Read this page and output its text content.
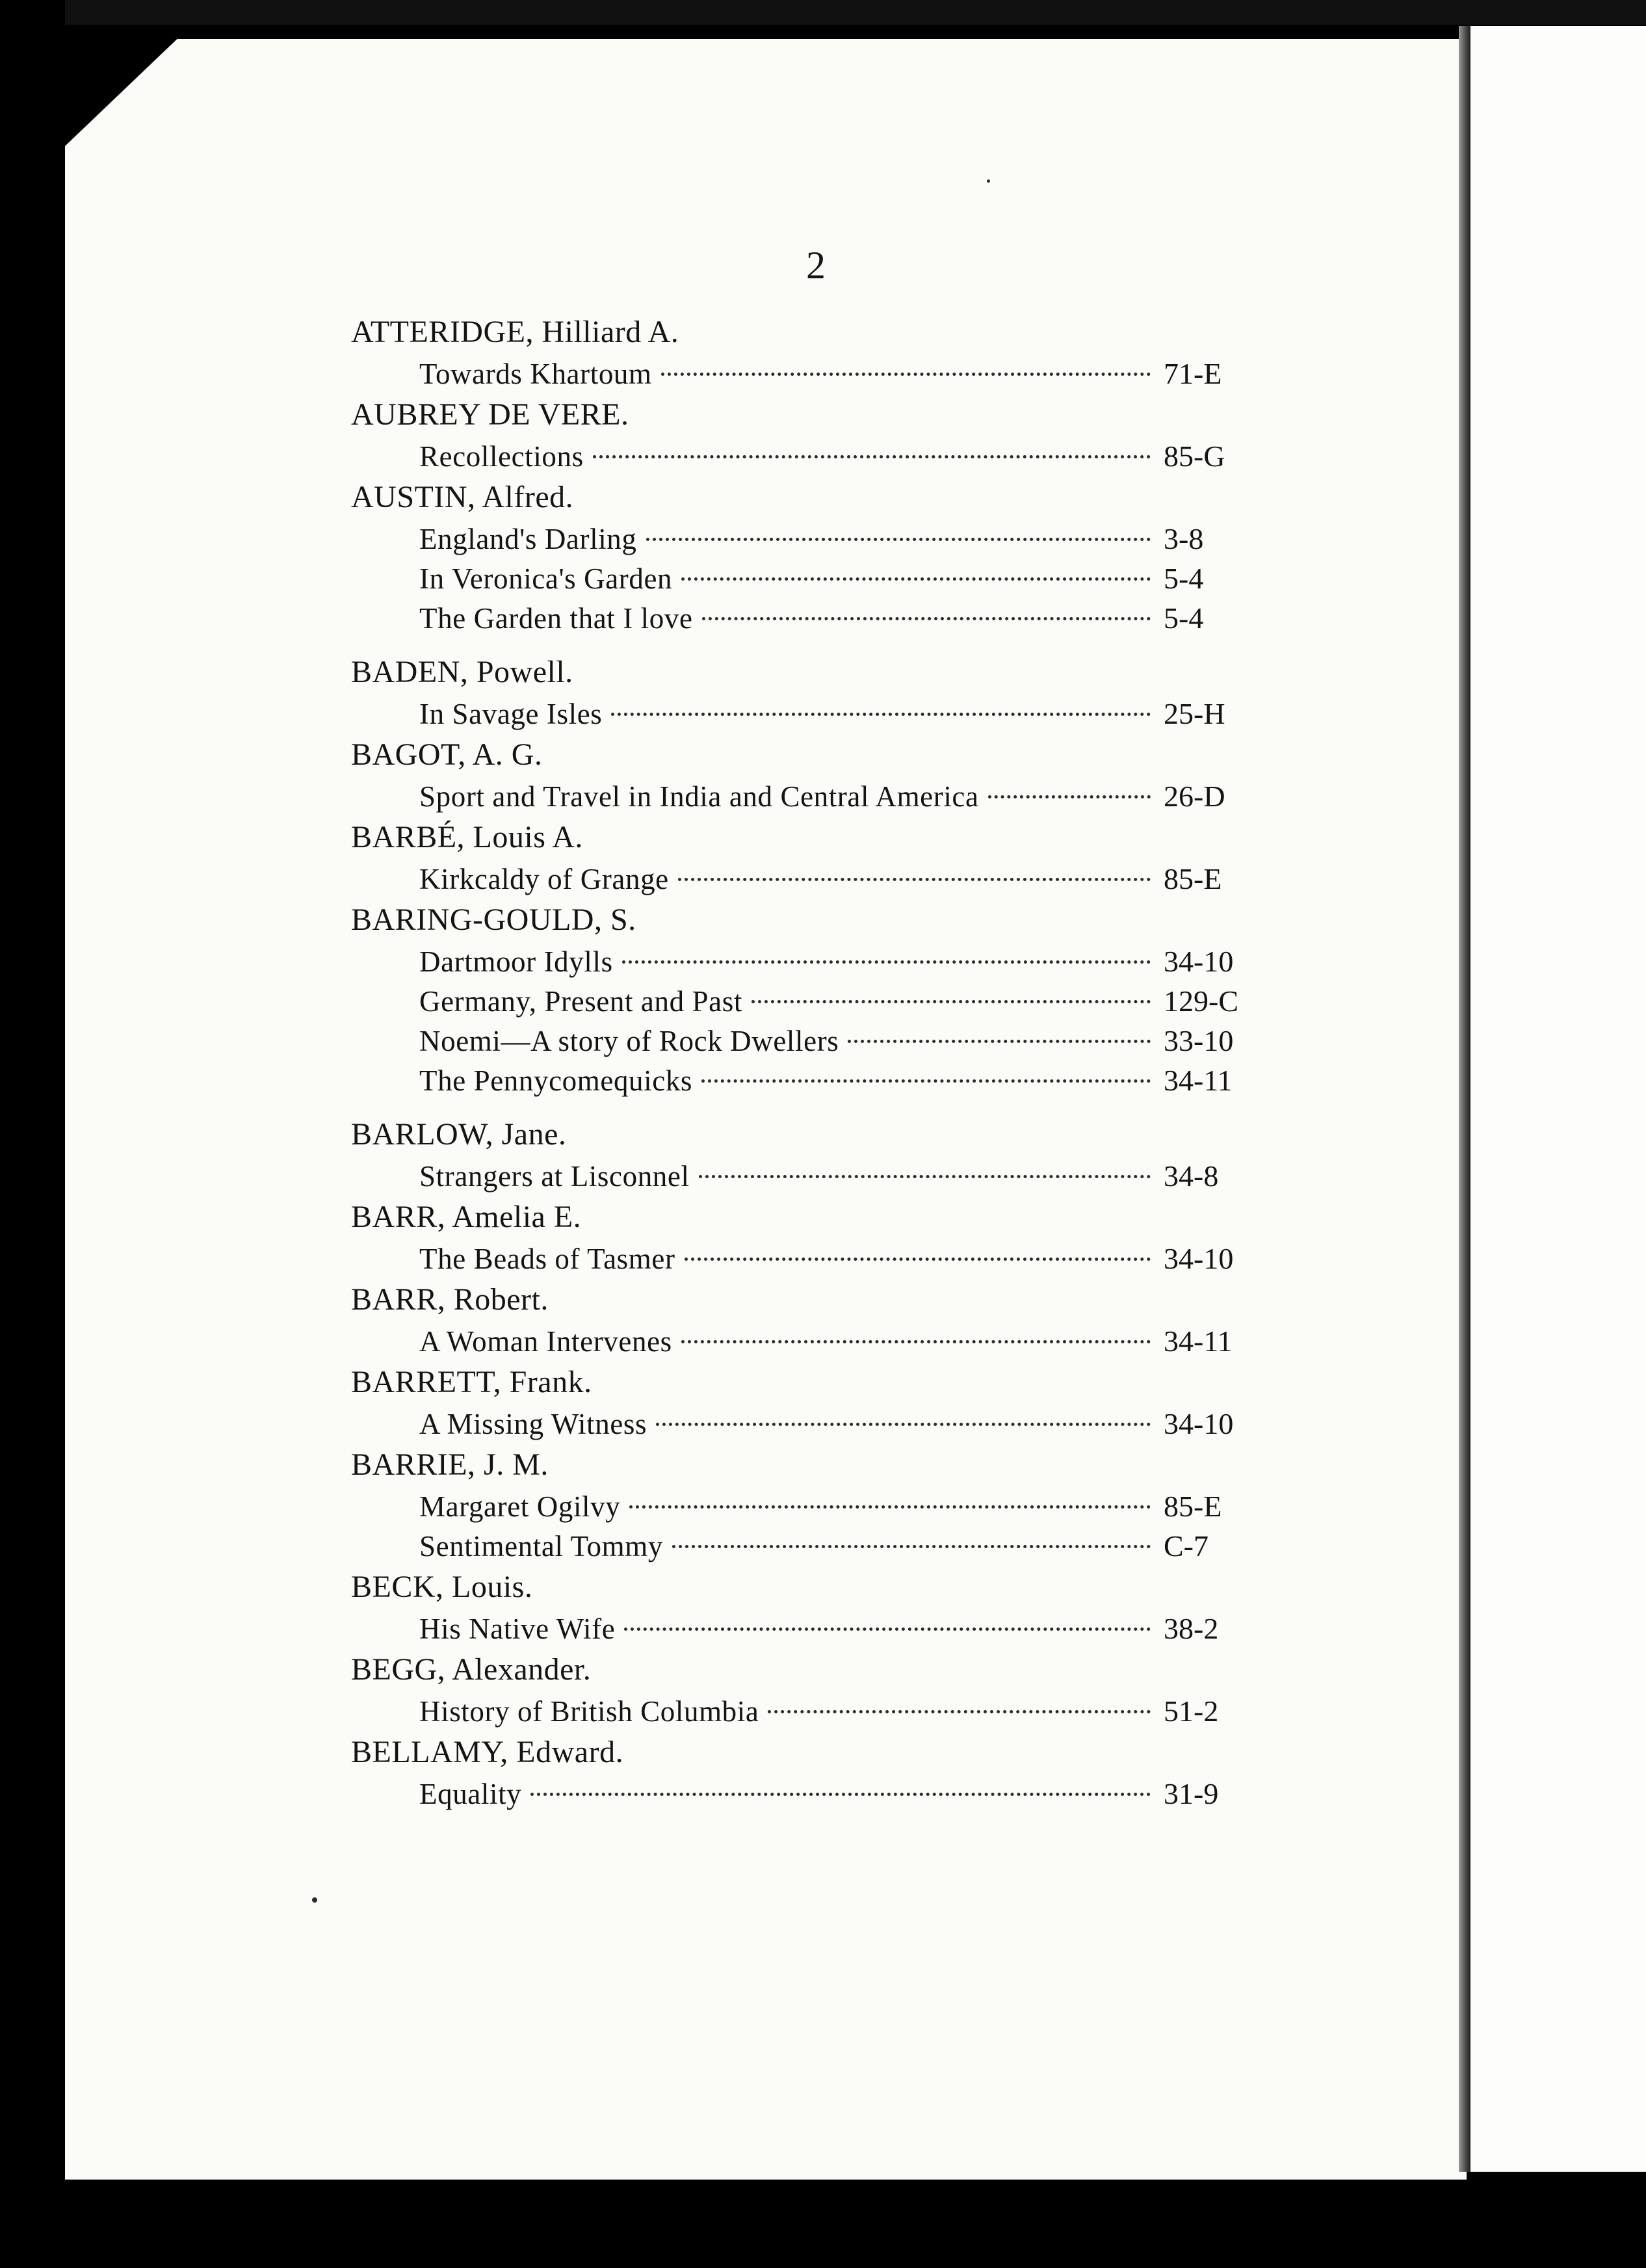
2
ATTERIDGE, Hilliard A.
Towards Khartoum	71-E
AUBREY DE VERE.
Recollections	85-G
AUSTIN, Alfred.
England's Darling	3-8
In Veronica's Garden	5-4
The Garden that I love	5-4
BADEN, Powell.
In Savage Isles	25-H
BAGOT, A. G.
Sport and Travel in India and Central America	26-D
BARBÉ, Louis A.
Kirkcaldy of Grange	85-E
BARING-GOULD, S.
Dartmoor Idylls	34-10
Germany, Present and Past	129-C
Noemi—A story of Rock Dwellers	33-10
The Pennycomequicks	34-11
BARLOW, Jane.
Strangers at Lisconnel	34-8
BARR, Amelia E.
The Beads of Tasmer	34-10
BARR, Robert.
A Woman Intervenes	34-11
BARRETT, Frank.
A Missing Witness	34-10
BARRIE, J. M.
Margaret Ogilvy	85-E
Sentimental Tommy	C-7
BECK, Louis.
His Native Wife	38-2
BEGG, Alexander.
History of British Columbia	51-2
BELLAMY, Edward.
Equality	31-9
